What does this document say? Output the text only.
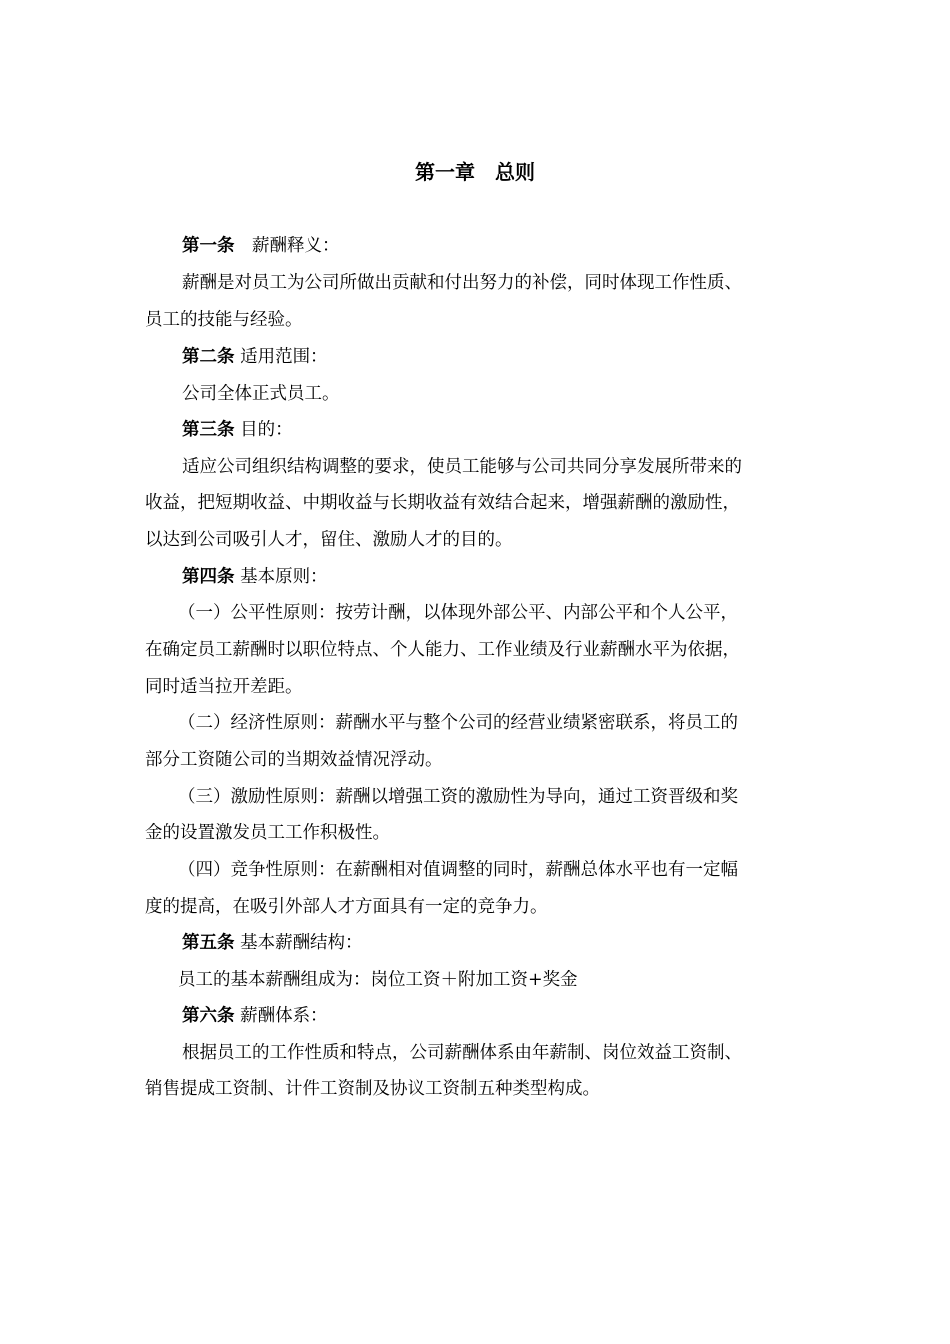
第一章　总则
第一条　薪酬释义：
薪酬是对员工为公司所做出贡献和付出努力的补偿，同时体现工作性质、
员工的技能与经验。
第二条 适用范围：
公司全体正式员工。
第三条 目的：
适应公司组织结构调整的要求，使员工能够与公司共同分享发展所带来的
收益，把短期收益、中期收益与长期收益有效结合起来，增强薪酬的激励性，
以达到公司吸引人才，留住、激励人才的目的。
第四条 基本原则：
（一）公平性原则：按劳计酬，以体现外部公平、内部公平和个人公平，
在确定员工薪酬时以职位特点、个人能力、工作业绩及行业薪酬水平为依据，
同时适当拉开差距。
（二）经济性原则：薪酬水平与整个公司的经营业绩紧密联系，将员工的
部分工资随公司的当期效益情况浮动。
（三）激励性原则：薪酬以增强工资的激励性为导向，通过工资晋级和奖
金的设置激发员工工作积极性。
（四）竞争性原则：在薪酬相对值调整的同时，薪酬总体水平也有一定幅
度的提高，在吸引外部人才方面具有一定的竞争力。
第五条 基本薪酬结构：
员工的基本薪酬组成为：岗位工资＋附加工资+奖金
第六条 薪酬体系：
根据员工的工作性质和特点，公司薪酬体系由年薪制、岗位效益工资制、
销售提成工资制、计件工资制及协议工资制五种类型构成。
